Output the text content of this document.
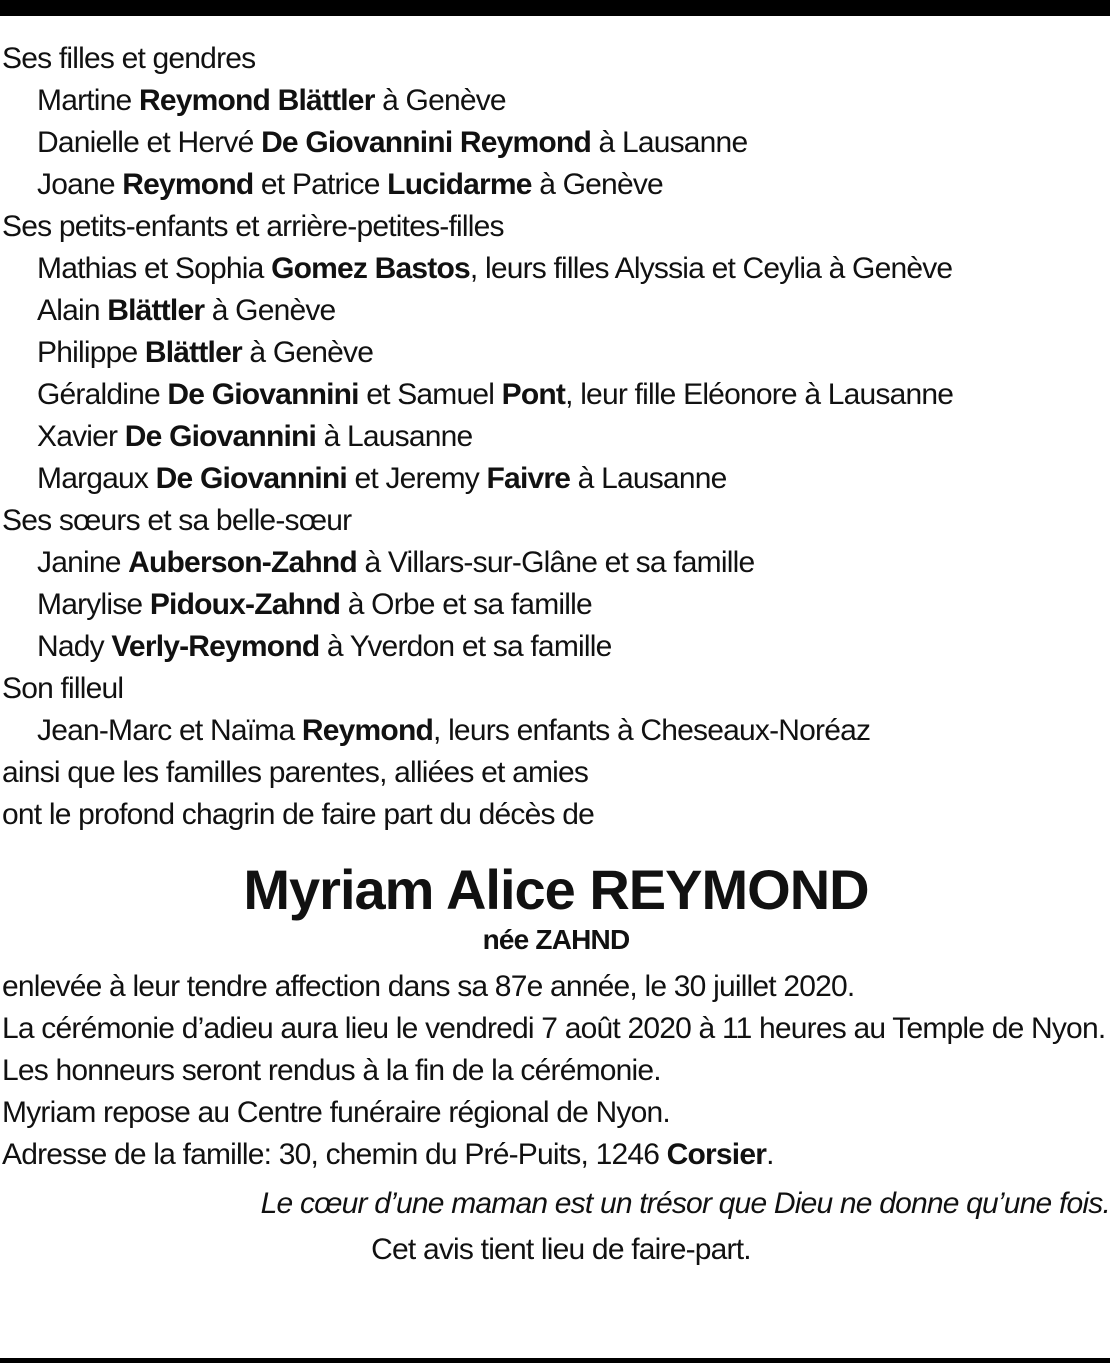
Ses filles et gendres
Martine Reymond Blättler à Genève
Danielle et Hervé De Giovannini Reymond à Lausanne
Joane Reymond et Patrice Lucidarme à Genève
Ses petits-enfants et arrière-petites-filles
Mathias et Sophia Gomez Bastos, leurs filles Alyssia et Ceylia à Genève
Alain Blättler à Genève
Philippe Blättler à Genève
Géraldine De Giovannini et Samuel Pont, leur fille Eléonore à Lausanne
Xavier De Giovannini à Lausanne
Margaux De Giovannini et Jeremy Faivre à Lausanne
Ses sœurs et sa belle-sœur
Janine Auberson-Zahnd à Villars-sur-Glâne et sa famille
Marylise Pidoux-Zahnd à Orbe et sa famille
Nady Verly-Reymond à Yverdon et sa famille
Son filleul
Jean-Marc et Naïma Reymond, leurs enfants à Cheseaux-Noréaz
ainsi que les familles parentes, alliées et amies
ont le profond chagrin de faire part du décès de
Myriam Alice REYMOND
née ZAHND
enlevée à leur tendre affection dans sa 87e année, le 30 juillet 2020.
La cérémonie d’adieu aura lieu le vendredi 7 août 2020 à 11 heures au Temple de Nyon.
Les honneurs seront rendus à la fin de la cérémonie.
Myriam repose au Centre funéraire régional de Nyon.
Adresse de la famille: 30, chemin du Pré-Puits, 1246 Corsier.
Le cœur d’une maman est un trésor que Dieu ne donne qu’une fois.
Cet avis tient lieu de faire-part.
